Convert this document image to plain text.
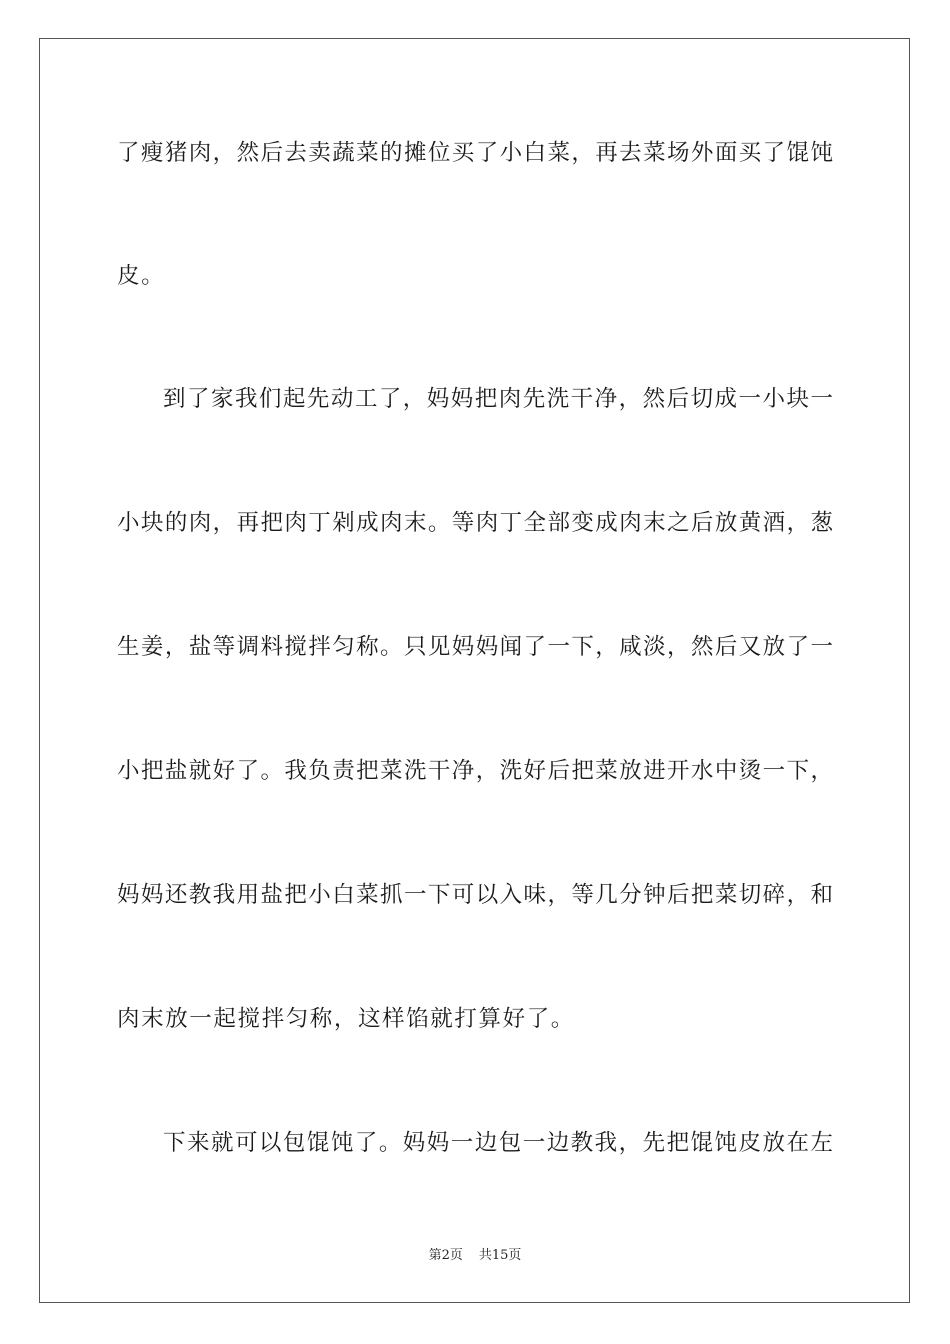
了瘦猪肉，然后去卖蔬菜的摊位买了小白菜，再去菜场外面买了馄饨
皮。
到了家我们起先动工了，妈妈把肉先洗干净，然后切成一小块一
小块的肉，再把肉丁剁成肉末。等肉丁全部变成肉末之后放黄酒，葱
生姜，盐等调料搅拌匀称。只见妈妈闻了一下，咸淡，然后又放了一
小把盐就好了。我负责把菜洗干净，洗好后把菜放进开水中烫一下，
妈妈还教我用盐把小白菜抓一下可以入味，等几分钟后把菜切碎，和
肉末放一起搅拌匀称，这样馅就打算好了。
下来就可以包馄饨了。妈妈一边包一边教我，先把馄饨皮放在左
第2页 共15页
